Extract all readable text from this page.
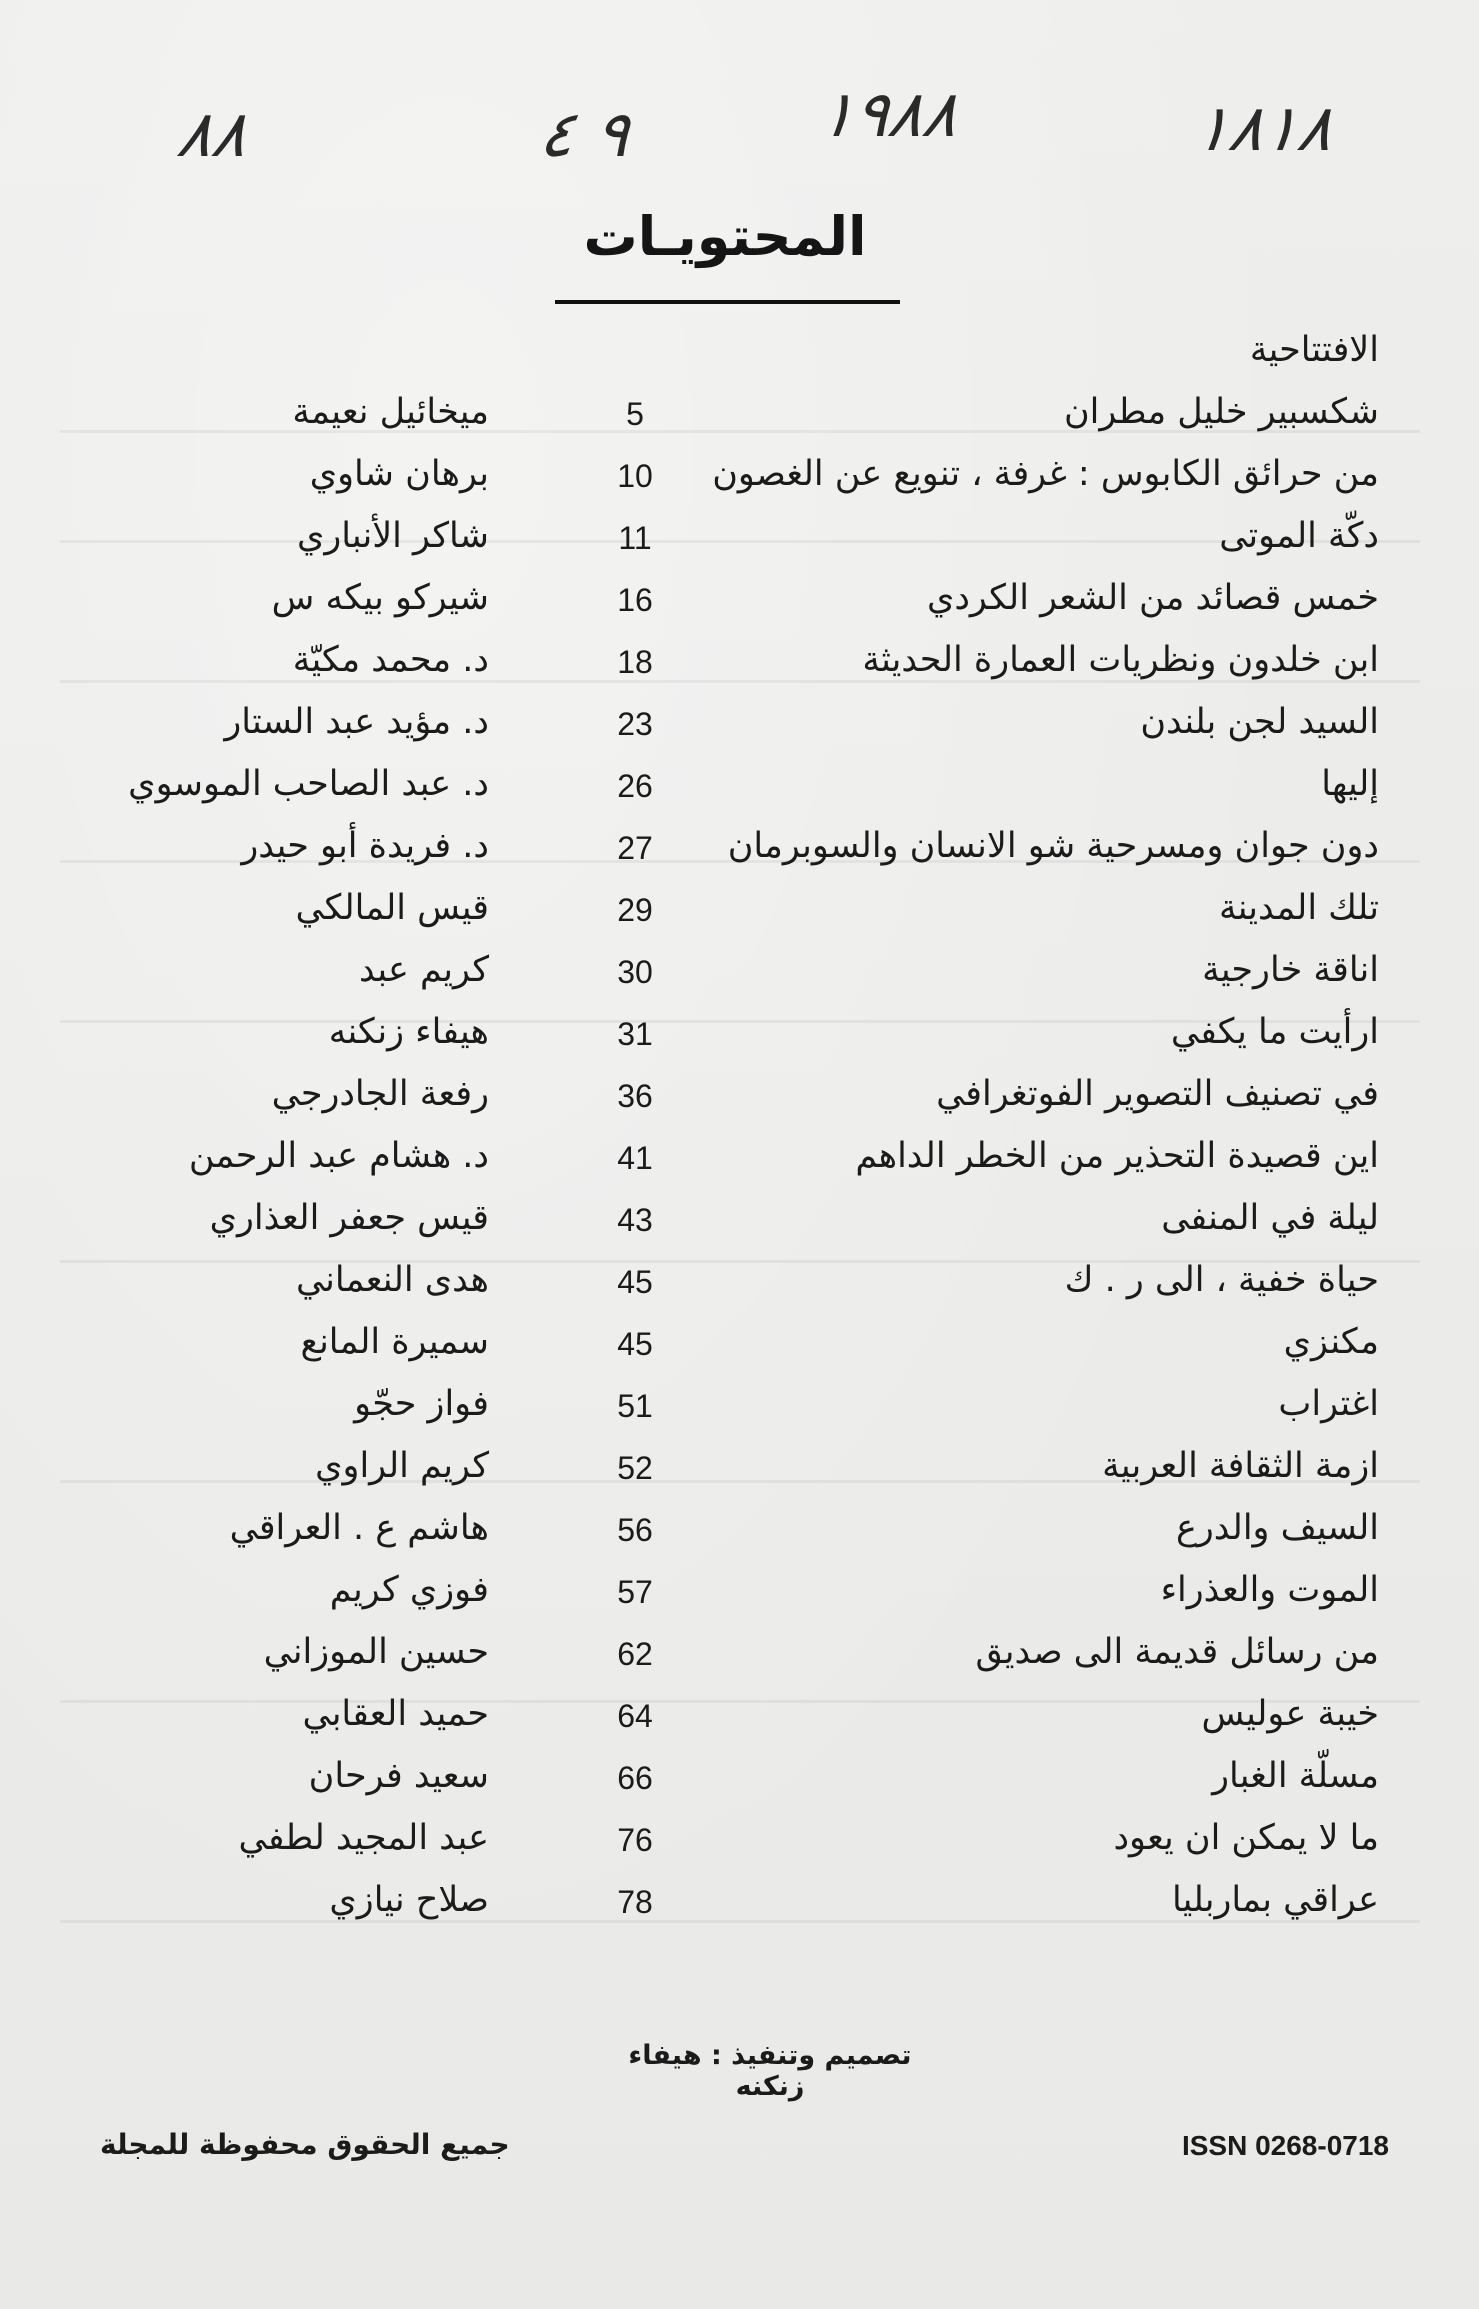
١٨١٨
١٩٨٨
٩ ٤
٨٨
المحتويـات
الافتتاحية
شكسبير خليل مطران
5
ميخائيل نعيمة
من حرائق الكابوس : غرفة ، تنويع عن الغصون
10
برهان شاوي
دكّة الموتى
11
شاكر الأنباري
خمس قصائد من الشعر الكردي
16
شيركو بيكه س
ابن خلدون ونظريات العمارة الحديثة
18
د. محمد مكيّة
السيد لجن بلندن
23
د. مؤيد عبد الستار
إليها
26
د. عبد الصاحب الموسوي
دون جوان ومسرحية شو الانسان والسوبرمان
27
د. فريدة أبو حيدر
تلك المدينة
29
قيس المالكي
اناقة خارجية
30
كريم عبد
ارأيت ما يكفي
31
هيفاء زنكنه
في تصنيف التصوير الفوتغرافي
36
رفعة الجادرجي
اين قصيدة التحذير من الخطر الداهم
41
د. هشام عبد الرحمن
ليلة في المنفى
43
قيس جعفر العذاري
حياة خفية ، الى ر . ك
45
هدى النعماني
مكنزي
45
سميرة المانع
اغتراب
51
فواز حجّو
ازمة الثقافة العربية
52
كريم الراوي
السيف والدرع
56
هاشم ع . العراقي
الموت والعذراء
57
فوزي كريم
من رسائل قديمة الى صديق
62
حسين الموزاني
خيبة عوليس
64
حميد العقابي
مسلّة الغبار
66
سعيد فرحان
ما لا يمكن ان يعود
76
عبد المجيد لطفي
عراقي بماربليا
78
صلاح نيازي
تصميم وتنفيذ : هيفاء زنكنه
جميع الحقوق محفوظة للمجلة	ISSN 0268-0718
